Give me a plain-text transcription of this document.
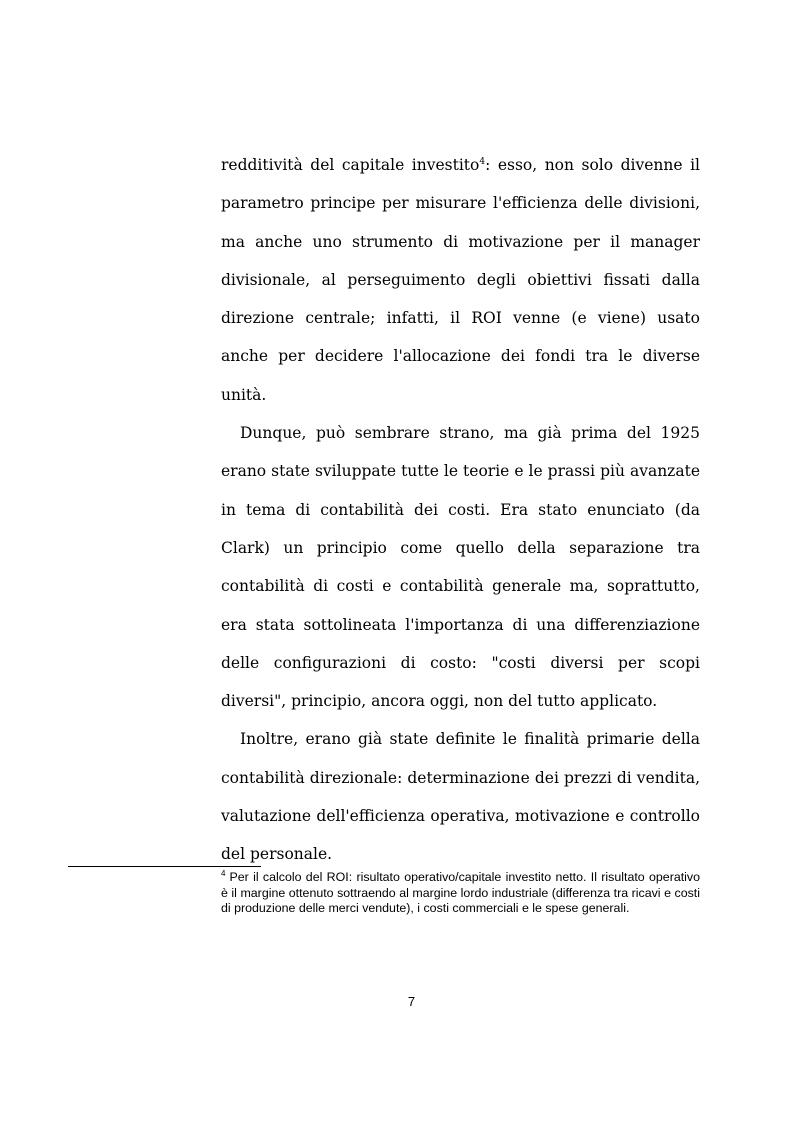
redditività del capitale investito$^4$: esso, non solo divenne il parametro principe per misurare l'efficienza delle divisioni, ma anche uno strumento di motivazione per il manager divisionale, al perseguimento degli obiettivi fissati dalla direzione centrale; infatti, il ROI venne (e viene) usato anche per decidere l'allocazione dei fondi tra le diverse unità.

Dunque, può sembrare strano, ma già prima del 1925 erano state sviluppate tutte le teorie e le prassi più avanzate in tema di contabilità dei costi. Era stato enunciato (da Clark) un principio come quello della separazione tra contabilità di costi e contabilità generale ma, soprattutto, era stata sottolineata l'importanza di una differenziazione delle configurazioni di costo: "costi diversi per scopi diversi", principio, ancora oggi, non del tutto applicato.

Inoltre, erano già state definite le finalità primarie della contabilità direzionale: determinazione dei prezzi di vendita, valutazione dell'efficienza operativa, motivazione e controllo del personale.

$^4$ Per il calcolo del ROI: risultato operativo/capitale investito netto. Il risultato operativo è il margine ottenuto sottraendo al margine lordo industriale (differenza tra ricavi e costi di produzione delle merci vendute), i costi commerciali e le spese generali.
7
